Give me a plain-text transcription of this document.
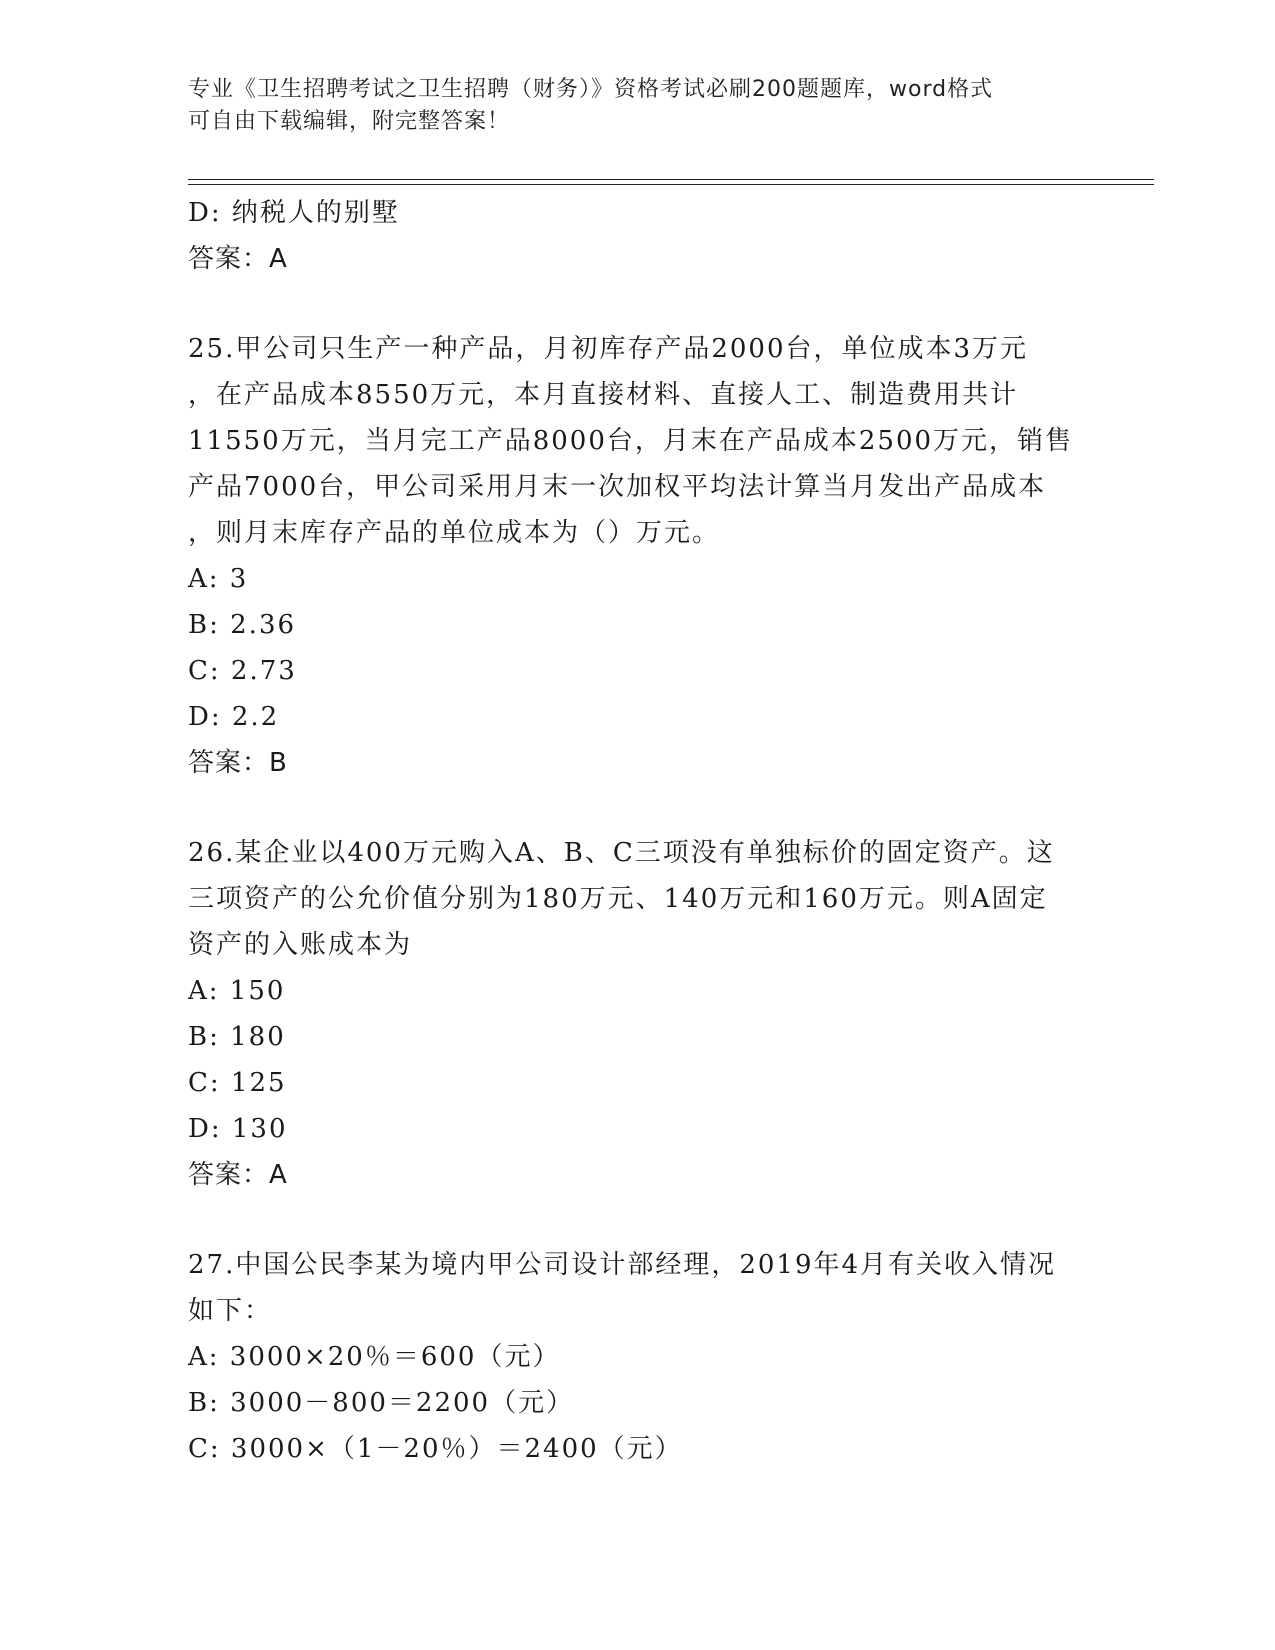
专业《卫生招聘考试之卫生招聘（财务）》资格考试必刷200题题库，word格式
可自由下载编辑，附完整答案！
D: 纳税人的别墅
答案：A
25.甲公司只生产一种产品，月初库存产品2000台，单位成本3万元
，在产品成本8550万元，本月直接材料、直接人工、制造费用共计
11550万元，当月完工产品8000台，月末在产品成本2500万元，销售
产品7000台，甲公司采用月末一次加权平均法计算当月发出产品成本
，则月末库存产品的单位成本为（）万元。
A: 3
B: 2.36
C: 2.73
D: 2.2
答案：B
26.某企业以400万元购入A、B、C三项没有单独标价的固定资产。这
三项资产的公允价值分别为180万元、140万元和160万元。则A固定
资产的入账成本为
A: 150
B: 180
C: 125
D: 130
答案：A
27.中国公民李某为境内甲公司设计部经理，2019年4月有关收入情况
如下：
A: 3000×20％＝600（元）
B: 3000－800＝2200（元）
C: 3000×（1－20％）＝2400（元）
